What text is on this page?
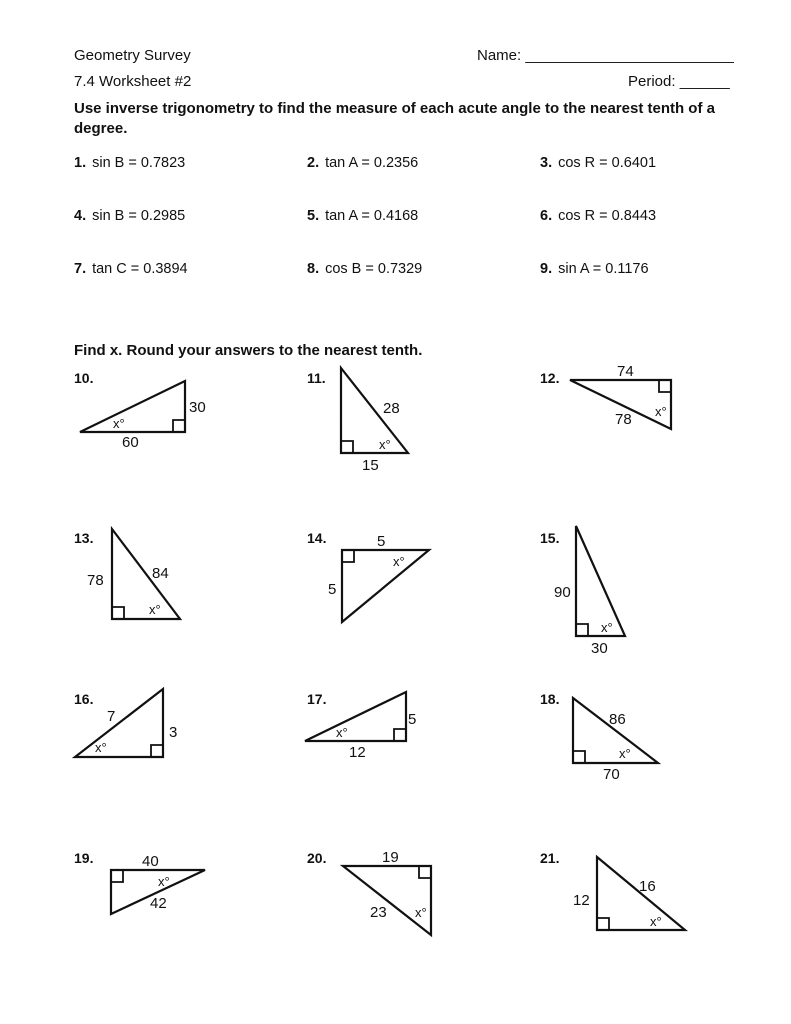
Geometry Survey	Name: _________________________
7.4 Worksheet #2	Period: ______
Use inverse trigonometry to find the measure of each acute angle to the nearest tenth of a degree.
1. sin B = 0.7823	2. tan A = 0.2356	3. cos R = 0.6401
4. sin B = 0.2985	5. tan A = 0.4168	6. cos R = 0.8443
7. tan C = 0.3894	8. cos B = 0.7329	9. sin A = 0.1176
Find x. Round your answers to the nearest tenth.
10.
30
60
x°
11.
28
15
x°
12.	74
78 x°
13.
78	84
x°
14.	5
5
x°
15.
90
30
x°
16.
7
3
x°
17.
5
12
x°
18.
86
70
x°
19.	40
42
x°
20.	19
23 x°
21.
12
16
x°
